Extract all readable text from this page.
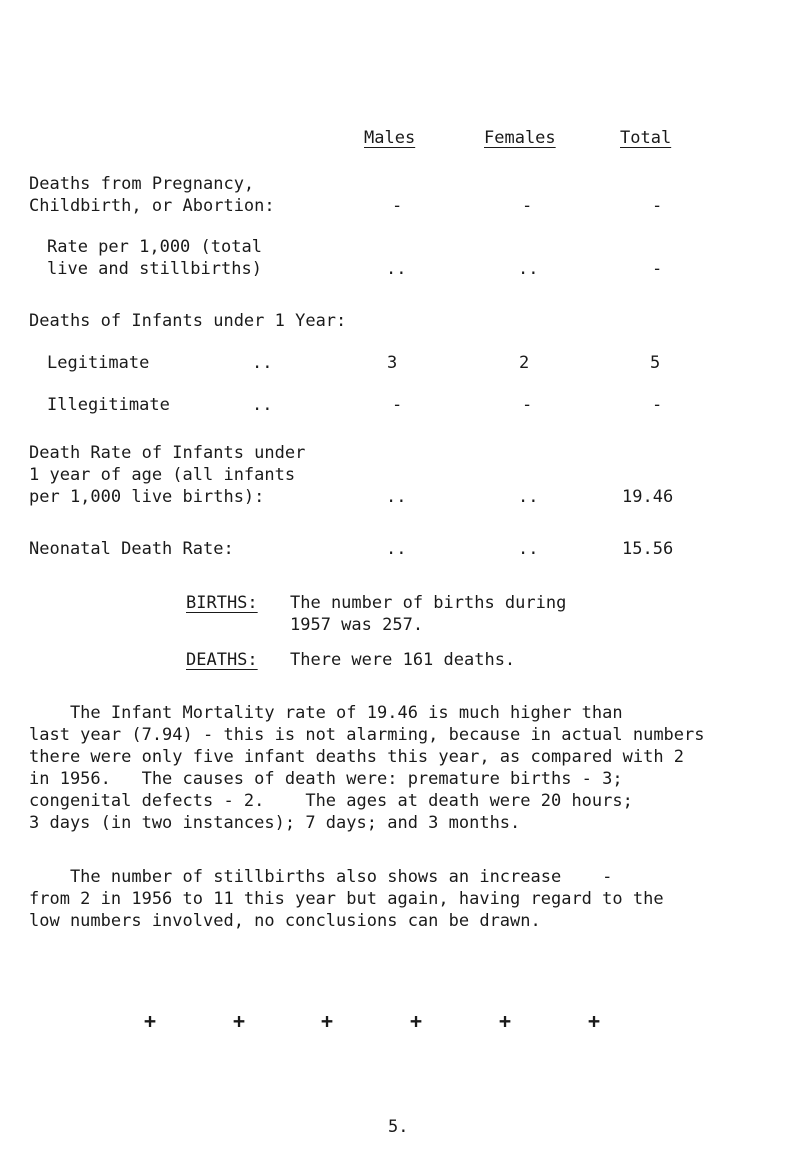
Males	Females	Total
Deaths from Pregnancy,
Childbirth, or Abortion:	-	-	-
Rate per 1,000 (total
live and stillbirths)	..	..	-
Deaths of Infants under 1 Year:
Legitimate	..	3	2	5
Illegitimate	..	-	-	-
Death Rate of Infants under
1 year of age (all infants
per 1,000 live births):	..	..	19.46
Neonatal Death Rate:	..	..	15.56
BIRTHS: The number of births during
1957 was 257.
DEATHS: There were 161 deaths.
The Infant Mortality rate of 19.46 is much higher than
last year (7.94) - this is not alarming, because in actual numbers
there were only five infant deaths this year, as compared with 2
in 1956.   The causes of death were: premature births - 3;
congenital defects - 2.    The ages at death were 20 hours;
3 days (in two instances); 7 days; and 3 months.
The number of stillbirths also shows an increase    -
from 2 in 1956 to 11 this year but again, having regard to the
low numbers involved, no conclusions can be drawn.
+	+	+	+	+	+
5.
